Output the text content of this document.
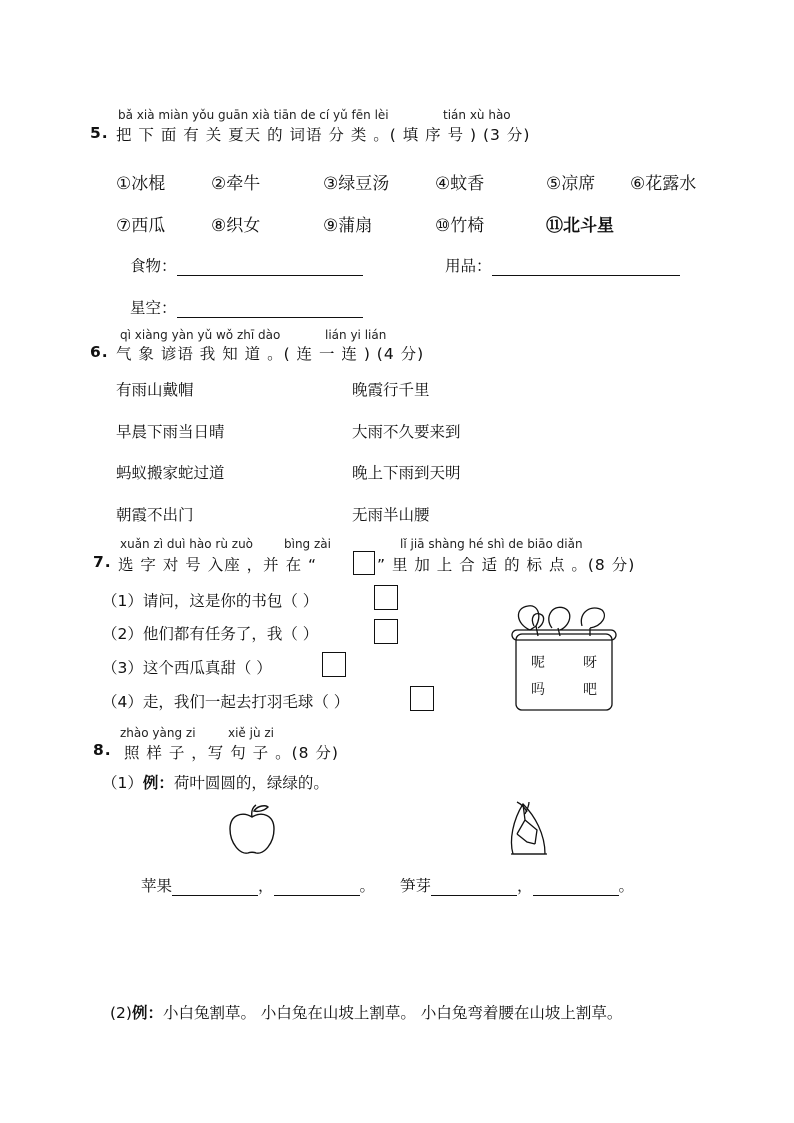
bǎ xià miàn yǒu guān xià tiān de cí yǔ fēn lèi	tián xù hào
5. 把 下 面 有 关 夏天 的 词语 分 类 。( 填 序 号 ) (3 分)
①冰棍	②牵牛	③绿豆汤	④蚊香	⑤凉席 ⑥花露水
⑦西瓜	⑧织女	⑨蒲扇	⑩竹椅	⑪北斗星
食物：	用品：
星空：
qì xiàng yàn yǔ wǒ zhī dào	lián yi lián
6. 气 象 谚语 我 知 道 。( 连 一 连 ) (4 分)
有雨山戴帽
早晨下雨当日晴
蚂蚁搬家蛇过道
朝霞不出门
晚霞行千里
大雨不久要来到
晚上下雨到天明
无雨半山腰
xuǎn zì duì hào rù zuò	bìng zài	lǐ jiā shàng hé shì de biāo diǎn
7. 选 字 对 号 入座 ，并 在 “	” 里 加 上 合 适 的 标 点 。(8 分)
（1）请问，这是你的书包（ ）
（2）他们都有任务了，我（ ）
（3）这个西瓜真甜（ ）
（4）走，我们一起去打羽毛球（ ）
呢	呀
吗	吧
zhào yàng zi	xiě jù zi
8. 照 样 子 ，写 句 子 。(8 分)
（1）例：荷叶圆圆的，绿绿的。
苹果	，	。 笋芽	，	。
(2)例：小白兔割草。 小白兔在山坡上割草。 小白兔弯着腰在山坡上割草。
